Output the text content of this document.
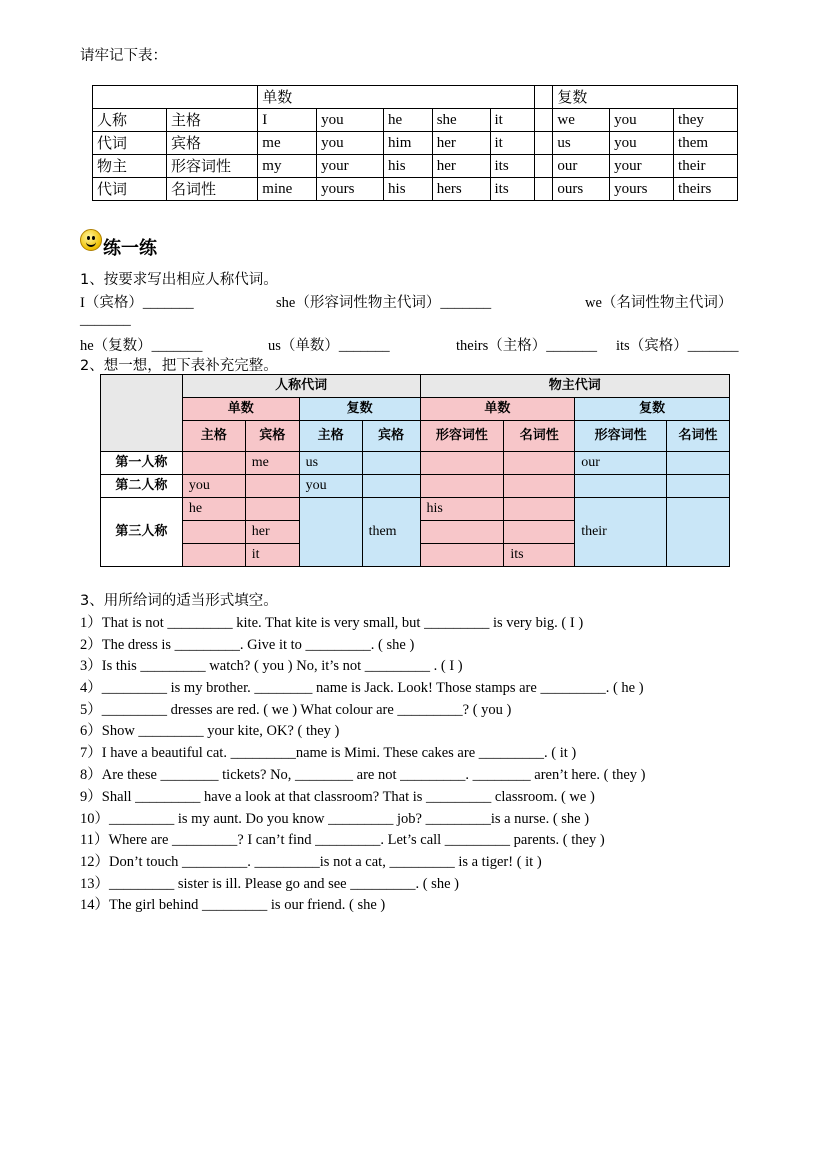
请牢记下表：
		单数						复数		
人称	主格	I	you	he	she	it		we	you	they
代词	宾格	me	you	him	her	it		us	you	them
物主	形容词性	my	your	his	her	its		our	your	their
代词	名词性	mine	yours	his	hers	its		ours	yours	theirs
练一练
1、按要求写出相应人称代词。
I（宾格）_______	she（形容词性物主代词）_______	we（名词性物主代词）
_______
he（复数）_______	us（单数）_______	theirs（主格）_______ its（宾格）_______
2、想一想，把下表补充完整。
	人称代词				物主代词			
	单数		复数		单数		复数	
	主格	宾格	主格	宾格	形容词性	名词性	形容词性	名词性
第一人称		me	us				our	
第二人称	you		you					
第三人称	he			them	his		their	
		her						
		it				its		
3、用所给词的适当形式填空。
1）That is not _________ kite. That kite is very small, but _________ is very big. ( I )
2）The dress is _________. Give it to _________. ( she )
3）Is this _________ watch? ( you ) No, it’s not _________ . ( I )
4）_________ is my brother. ________ name is Jack. Look! Those stamps are _________. ( he )
5）_________ dresses are red. ( we ) What colour are _________? ( you )
6）Show _________ your kite, OK? ( they )
7）I have a beautiful cat. _________name is Mimi. These cakes are _________. ( it )
8）Are these ________ tickets? No, ________ are not _________. ________ aren’t here. ( they )
9）Shall _________ have a look at that classroom? That is _________ classroom. ( we )
10）_________ is my aunt. Do you know _________ job? _________is a nurse. ( she )
11）Where are _________? I can’t find _________. Let’s call _________ parents. ( they )
12）Don’t touch _________. _________is not a cat, _________ is a tiger! ( it )
13）_________ sister is ill. Please go and see _________. ( she )
14）The girl behind _________ is our friend. ( she )
